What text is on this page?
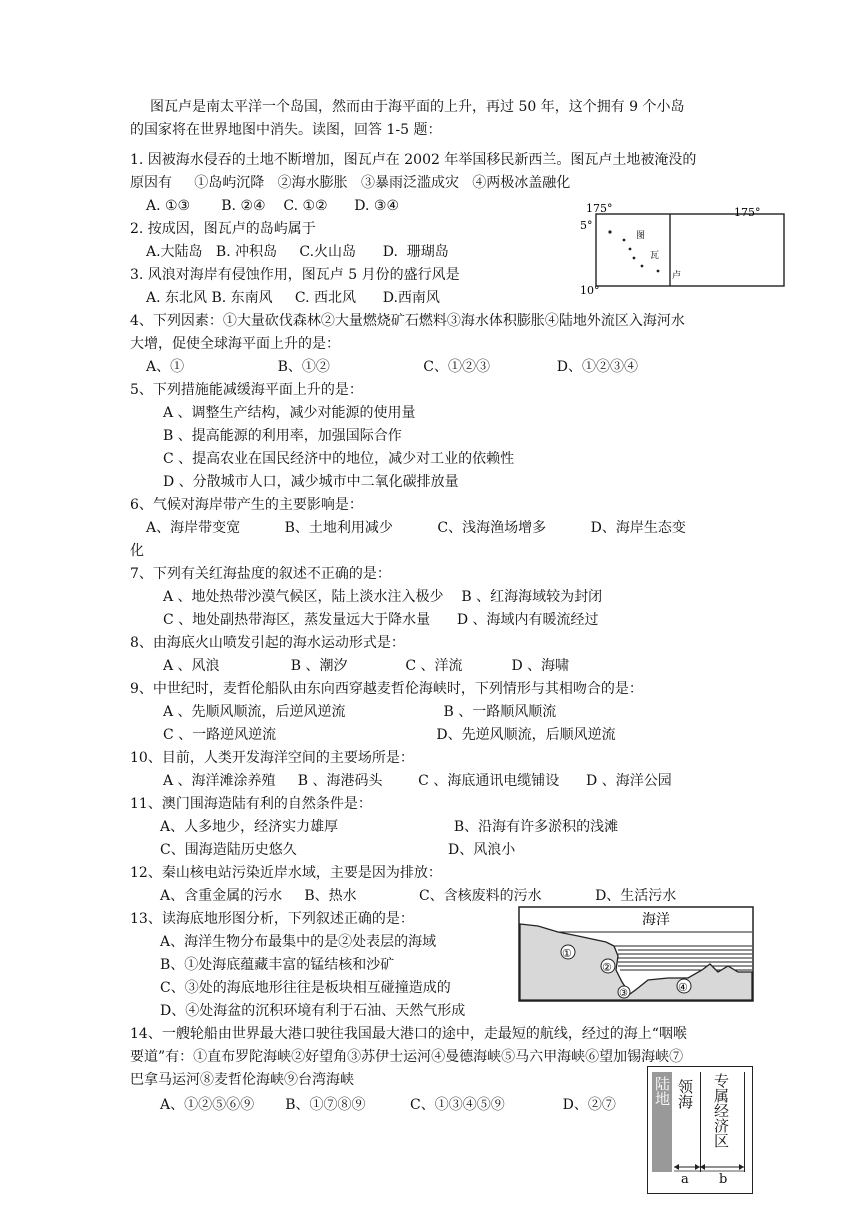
图瓦卢是南太平洋一个岛国，然而由于海平面的上升，再过 50 年，这个拥有 9 个小岛
的国家将在世界地图中消失。读图，回答 1-5 题：
1. 因被海水侵吞的土地不断增加，图瓦卢在 2002 年举国移民新西兰。图瓦卢土地被淹没的
原因有     ①岛屿沉降   ②海水膨胀   ③暴雨泛滥成灾   ④两极冰盖融化
A. ①③       B. ②④    C. ①②      D. ③④
2. 按成因，图瓦卢的岛屿属于
A.大陆岛   B. 冲积岛     C.火山岛      D.  珊瑚岛
3. 风浪对海岸有侵蚀作用，图瓦卢 5 月份的盛行风是
A. 东北风 B. 东南风     C. 西北风      D.西南风
4、下列因素：①大量砍伐森林②大量燃烧矿石燃料③海水体积膨胀④陆地外流区入海河水
大增，促使全球海平面上升的是：
A、①                     B、①②                     C、①②③               D、①②③④
5、下列措施能减缓海平面上升的是：
A 、调整生产结构，减少对能源的使用量
B 、提高能源的利用率，加强国际合作
C 、提高农业在国民经济中的地位，减少对工业的依赖性
D 、分散城市人口，减少城市中二氧化碳排放量
6、气候对海岸带产生的主要影响是：
A、海岸带变宽          B、土地利用减少          C、浅海渔场增多          D、海岸生态变
化
7、下列有关红海盐度的叙述不正确的是：
A 、地处热带沙漠气候区，陆上淡水注入极少    B 、红海海域较为封闭
C 、地处副热带海区，蒸发量远大于降水量      D 、海域内有暖流经过
8、由海底火山喷发引起的海水运动形式是：
A 、风浪                B 、潮汐             C 、洋流           D 、海啸
9、中世纪时，麦哲伦船队由东向西穿越麦哲伦海峡时，下列情形与其相吻合的是：
A 、先顺风顺流，后逆风逆流                      B 、一路顺风顺流
C 、一路逆风逆流                                    D、先逆风顺流，后顺风逆流
10、目前，人类开发海洋空间的主要场所是：
A 、海洋滩涂养殖     B 、海港码头        C 、海底通讯电缆铺设      D 、海洋公园
11、澳门围海造陆有利的自然条件是：
A、人多地少，经济实力雄厚                          B、沿海有许多淤积的浅滩
C、围海造陆历史悠久                                  D、风浪小
12、秦山核电站污染近岸水域，主要是因为排放：
A、含重金属的污水     B、热水              C、含核废料的污水            D、生活污水
13、读海底地形图分析，下列叙述正确的是：
A、海洋生物分布最集中的是②处表层的海域
B、①处海底蕴藏丰富的锰结核和沙矿
C、③处的海底地形往往是板块相互碰撞造成的
D、④处海盆的沉积环境有利于石油、天然气形成
14、一艘轮船由世界最大港口驶往我国最大港口的途中，走最短的航线，经过的海上“咽喉
要道”有：①直布罗陀海峡②好望角③苏伊士运河④曼德海峡⑤马六甲海峡⑥望加锡海峡⑦
巴拿马运河⑧麦哲伦海峡⑨台湾海峡
A、①②⑤⑥⑨       B、①⑦⑧⑨          C、①③④⑤⑨             D、②⑦
175°	175°
5°
10°
图
瓦
卢
海洋
①
②
③	④
陆地 领海 专属经济区
a b
